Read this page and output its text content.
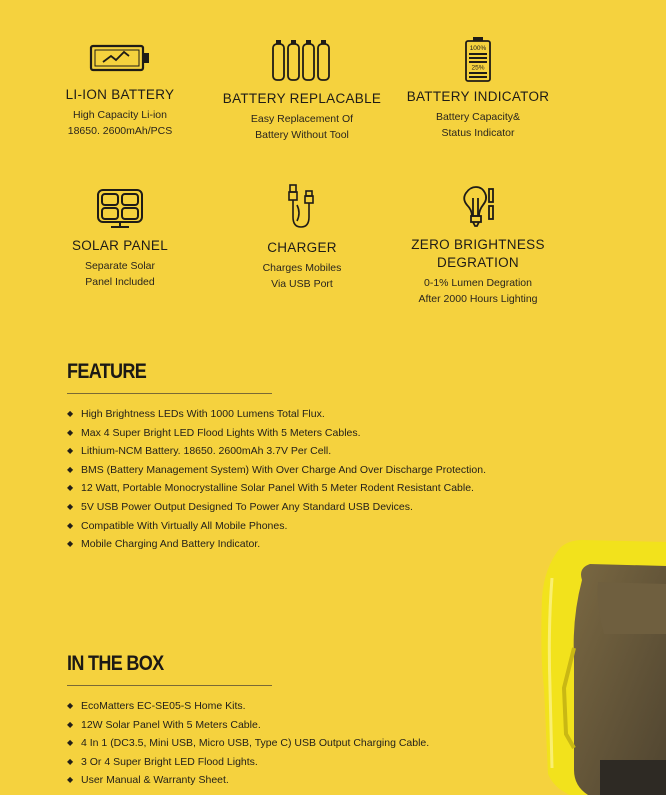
LI-ION BATTERY
High Capacity Li-ion
18650. 2600mAh/PCS
BATTERY REPLACABLE
Easy Replacement Of
Battery Without Tool
100%
25%
BATTERY INDICATOR
Battery Capacity&
Status Indicator
SOLAR PANEL
Separate Solar
Panel Included
CHARGER
Charges Mobiles
Via USB Port
ZERO BRIGHTNESS
DEGRATION
0-1% Lumen Degration
After 2000 Hours Lighting
FEATURE
◆ High Brightness LEDs With 1000 Lumens Total Flux.
◆ Max 4 Super Bright LED Flood Lights With 5 Meters Cables.
◆ Lithium-NCM Battery. 18650. 2600mAh 3.7V Per Cell.
◆ BMS (Battery Management System) With Over Charge And Over Discharge Protection.
◆ 12 Watt, Portable Monocrystalline Solar Panel With 5 Meter Rodent Resistant Cable.
◆ 5V USB Power Output Designed To Power Any Standard USB Devices.
◆ Compatible With Virtually All Mobile Phones.
◆ Mobile Charging And Battery Indicator.
IN THE BOX
◆ EcoMatters EC-SE05-S Home Kits.
◆ 12W Solar Panel With 5 Meters Cable.
◆ 4 In 1 (DC3.5, Mini USB, Micro USB, Type C) USB Output Charging Cable.
◆ 3 Or 4 Super Bright LED Flood Lights.
◆ User Manual & Warranty Sheet.
